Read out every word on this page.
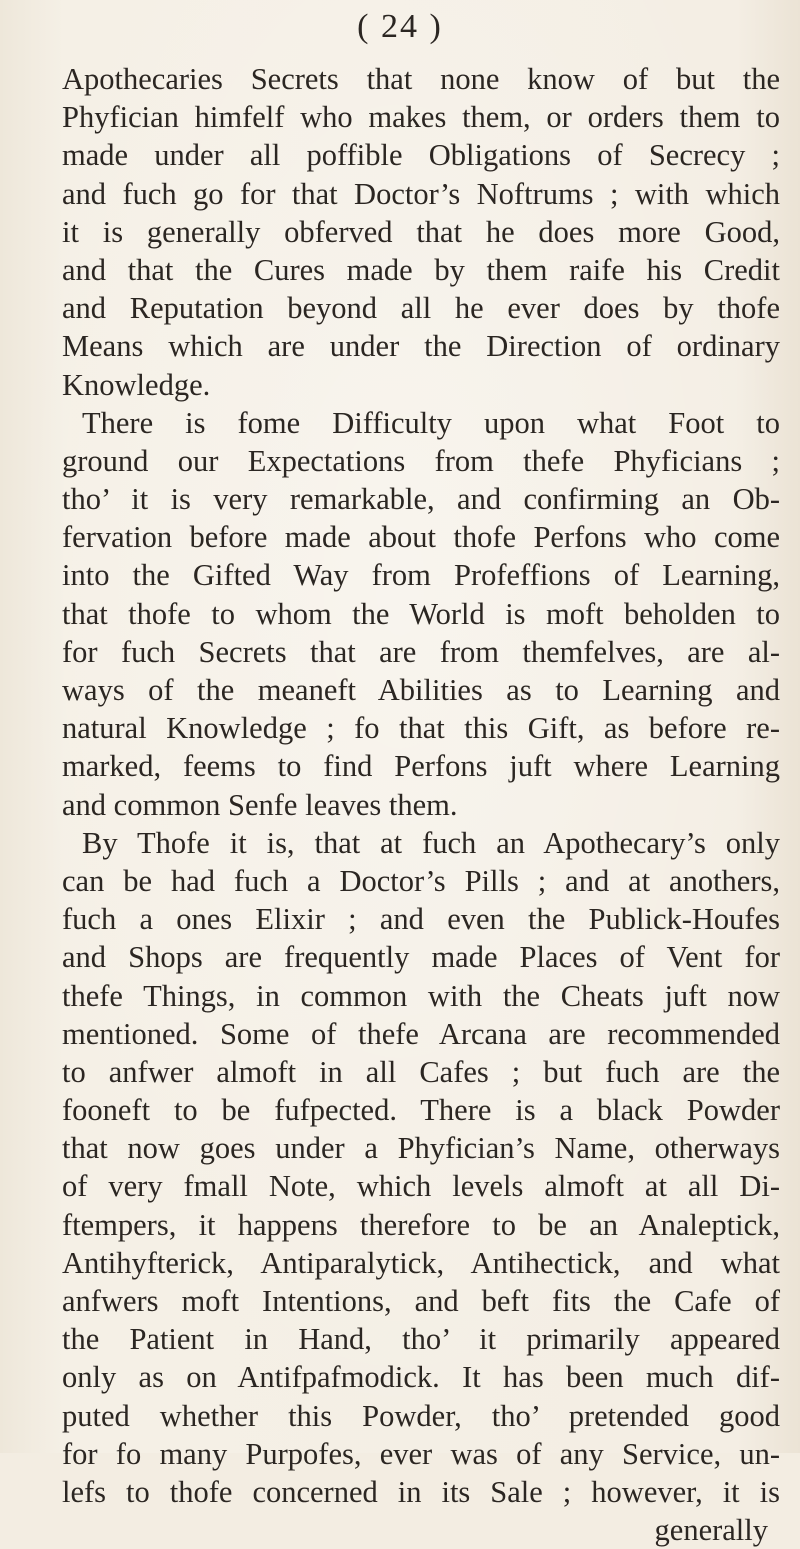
( 24 )
Apothecaries Secrets that none know of but the
Phyfician himfelf who makes them, or orders them to
made under all poffible Obligations of Secrecy ;
and fuch go for that Doctor’s Noftrums ; with which
it is generally obferved that he does more Good,
and that the Cures made by them raife his Credit
and Reputation beyond all he ever does by thofe
Means which are under the Direction of ordinary
Knowledge.
There is fome Difficulty upon what Foot to
ground our Expectations from thefe Phyficians ;
tho’ it is very remarkable, and confirming an Ob-
fervation before made about thofe Perfons who come
into the Gifted Way from Profeffions of Learning,
that thofe to whom the World is moft beholden to
for fuch Secrets that are from themfelves, are al-
ways of the meaneft Abilities as to Learning and
natural Knowledge ; fo that this Gift, as before re-
marked, feems to find Perfons juft where Learning
and common Senfe leaves them.
By Thofe it is, that at fuch an Apothecary’s only
can be had fuch a Doctor’s Pills ; and at anothers,
fuch a ones Elixir ; and even the Publick-Houfes
and Shops are frequently made Places of Vent for
thefe Things, in common with the Cheats juft now
mentioned. Some of thefe Arcana are recommended
to anfwer almoft in all Cafes ; but fuch are the
fooneft to be fufpected. There is a black Powder
that now goes under a Phyfician’s Name, otherways
of very fmall Note, which levels almoft at all Di-
ftempers, it happens therefore to be an Analeptick,
Antihyfterick, Antiparalytick, Antihectick, and what
anfwers moft Intentions, and beft fits the Cafe of
the Patient in Hand, tho’ it primarily appeared
only as on Antifpafmodick. It has been much dif-
puted whether this Powder, tho’ pretended good
for fo many Purpofes, ever was of any Service, un-
lefs to thofe concerned in its Sale ; however, it is
generally
